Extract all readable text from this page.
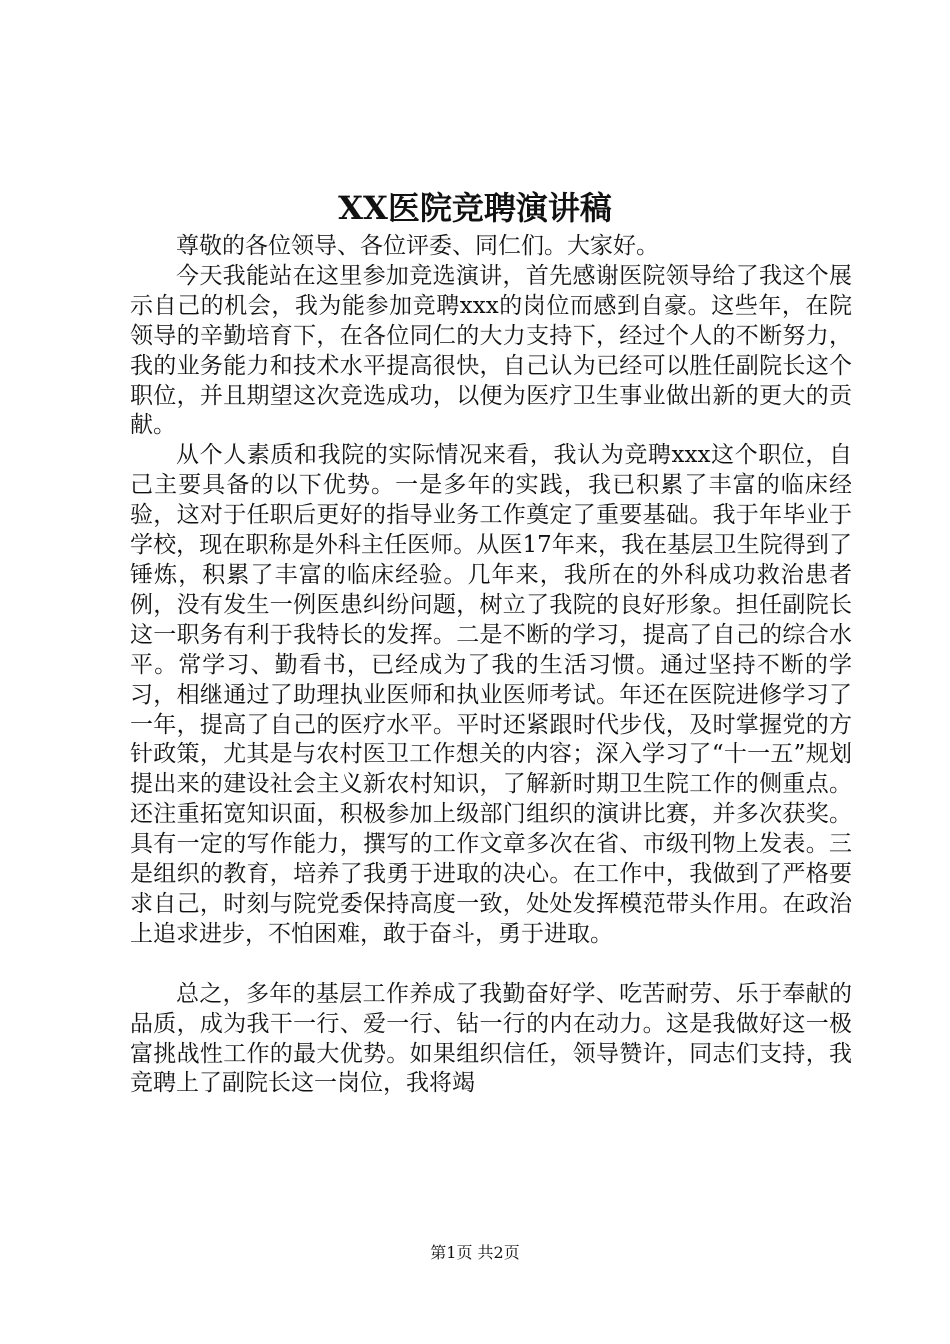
XX医院竞聘演讲稿

尊敬的各位领导、各位评委、同仁们。大家好。

今天我能站在这里参加竞选演讲，首先感谢医院领导给了我这个展示自己的机会，我为能参加竞聘xxx的岗位而感到自豪。这些年，在院领导的辛勤培育下，在各位同仁的大力支持下，经过个人的不断努力，我的业务能力和技术水平提高很快，自己认为已经可以胜任副院长这个职位，并且期望这次竞选成功，以便为医疗卫生事业做出新的更大的贡献。

从个人素质和我院的实际情况来看，我认为竞聘xxx这个职位，自己主要具备的以下优势。一是多年的实践，我已积累了丰富的临床经验，这对于任职后更好的指导业务工作奠定了重要基础。我于年毕业于学校，现在职称是外科主任医师。从医17年来，我在基层卫生院得到了锤炼，积累了丰富的临床经验。几年来，我所在的外科成功救治患者例，没有发生一例医患纠纷问题，树立了我院的良好形象。担任副院长这一职务有利于我特长的发挥。二是不断的学习，提高了自己的综合水平。常学习、勤看书，已经成为了我的生活习惯。通过坚持不断的学习，相继通过了助理执业医师和执业医师考试。年还在医院进修学习了一年，提高了自己的医疗水平。平时还紧跟时代步伐，及时掌握党的方针政策，尤其是与农村医卫工作想关的内容；深入学习了“十一五”规划提出来的建设社会主义新农村知识，了解新时期卫生院工作的侧重点。还注重拓宽知识面，积极参加上级部门组织的演讲比赛，并多次获奖。具有一定的写作能力，撰写的工作文章多次在省、市级刊物上发表。三是组织的教育，培养了我勇于进取的决心。在工作中，我做到了严格要求自己，时刻与院党委保持高度一致，处处发挥模范带头作用。在政治上追求进步，不怕困难，敢于奋斗，勇于进取。

总之，多年的基层工作养成了我勤奋好学、吃苦耐劳、乐于奉献的品质，成为我干一行、爱一行、钻一行的内在动力。这是我做好这一极富挑战性工作的最大优势。如果组织信任，领导赞许，同志们支持，我竞聘上了副院长这一岗位，我将竭

第1页 共2页
